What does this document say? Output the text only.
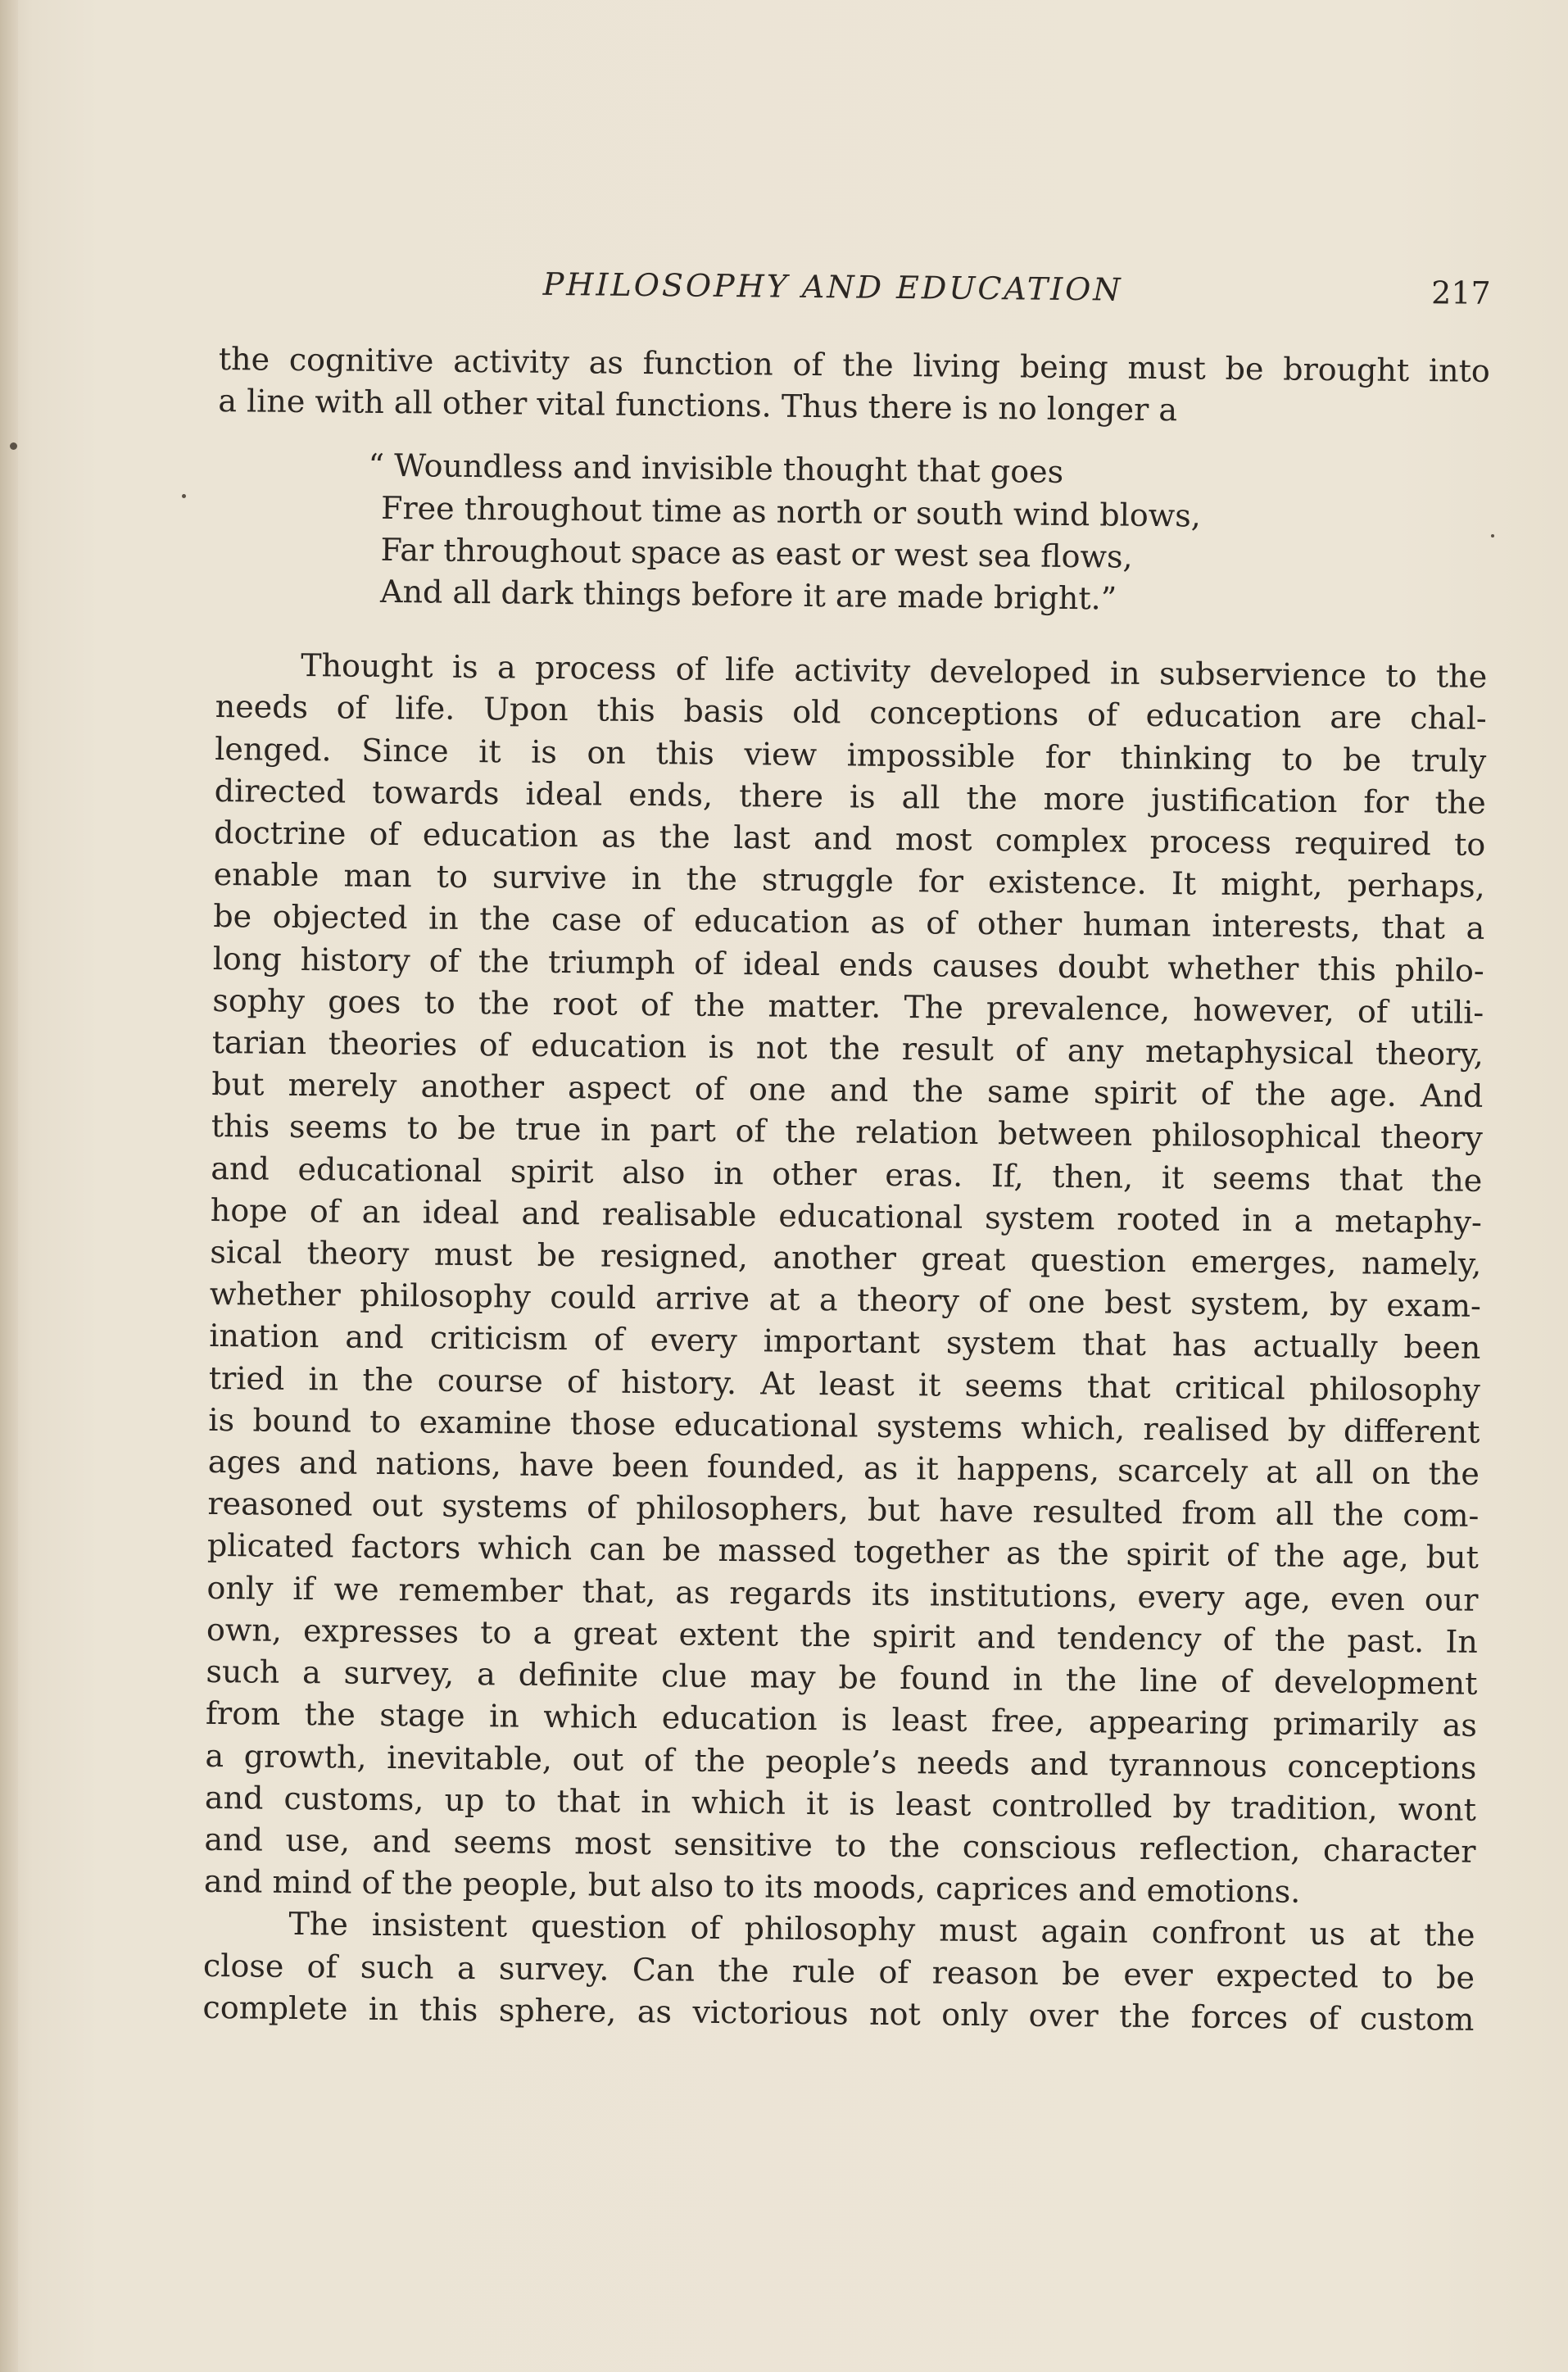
PHILOSOPHY AND EDUCATION	217
the cognitive activity as function of the living being must be brought into
a line with all other vital functions. Thus there is no longer a
“ Woundless and invisible thought that goes
Free throughout time as north or south wind blows,
Far throughout space as east or west sea flows,
And all dark things before it are made bright.”
Thought is a process of life activity developed in subservience to the
needs of life. Upon this basis old conceptions of education are chal-
lenged. Since it is on this view impossible for thinking to be truly
directed towards ideal ends, there is all the more justification for the
doctrine of education as the last and most complex process required to
enable man to survive in the struggle for existence. It might, perhaps,
be objected in the case of education as of other human interests, that a
long history of the triumph of ideal ends causes doubt whether this philo-
sophy goes to the root of the matter. The prevalence, however, of utili-
tarian theories of education is not the result of any metaphysical theory,
but merely another aspect of one and the same spirit of the age. And
this seems to be true in part of the relation between philosophical theory
and educational spirit also in other eras. If, then, it seems that the
hope of an ideal and realisable educational system rooted in a metaphy-
sical theory must be resigned, another great question emerges, namely,
whether philosophy could arrive at a theory of one best system, by exam-
ination and criticism of every important system that has actually been
tried in the course of history. At least it seems that critical philosophy
is bound to examine those educational systems which, realised by different
ages and nations, have been founded, as it happens, scarcely at all on the
reasoned out systems of philosophers, but have resulted from all the com-
plicated factors which can be massed together as the spirit of the age, but
only if we remember that, as regards its institutions, every age, even our
own, expresses to a great extent the spirit and tendency of the past. In
such a survey, a definite clue may be found in the line of development
from the stage in which education is least free, appearing primarily as
a growth, inevitable, out of the people’s needs and tyrannous conceptions
and customs, up to that in which it is least controlled by tradition, wont
and use, and seems most sensitive to the conscious reflection, character
and mind of the people, but also to its moods, caprices and emotions.
The insistent question of philosophy must again confront us at the
close of such a survey. Can the rule of reason be ever expected to be
complete in this sphere, as victorious not only over the forces of custom
